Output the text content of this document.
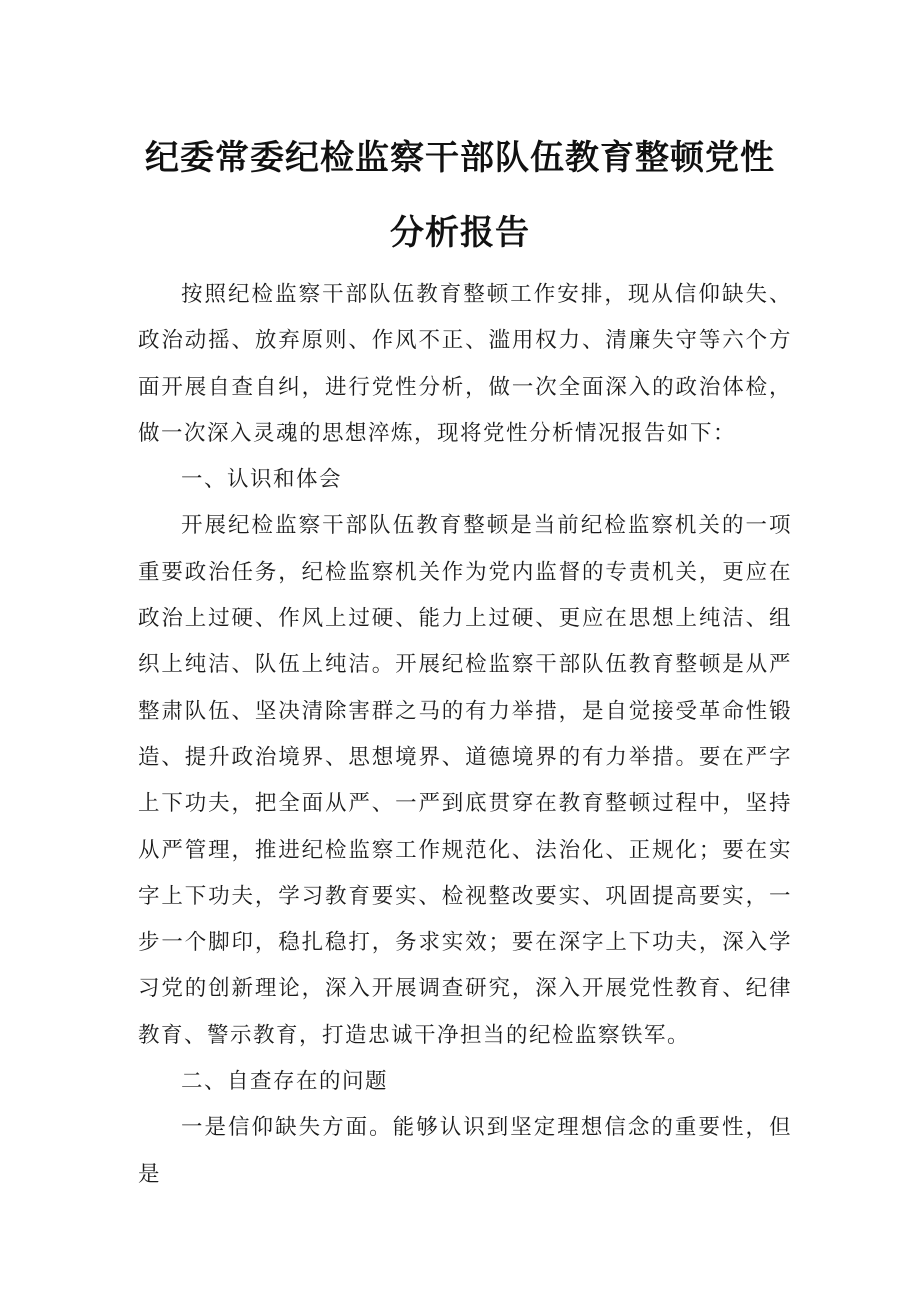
纪委常委纪检监察干部队伍教育整顿党性
分析报告

按照纪检监察干部队伍教育整顿工作安排，现从信仰缺失、政治动摇、放弃原则、作风不正、滥用权力、清廉失守等六个方面开展自查自纠，进行党性分析，做一次全面深入的政治体检，做一次深入灵魂的思想淬炼，现将党性分析情况报告如下：

一、认识和体会

开展纪检监察干部队伍教育整顿是当前纪检监察机关的一项重要政治任务，纪检监察机关作为党内监督的专责机关，更应在政治上过硬、作风上过硬、能力上过硬、更应在思想上纯洁、组织上纯洁、队伍上纯洁。开展纪检监察干部队伍教育整顿是从严整肃队伍、坚决清除害群之马的有力举措，是自觉接受革命性锻造、提升政治境界、思想境界、道德境界的有力举措。要在严字上下功夫，把全面从严、一严到底贯穿在教育整顿过程中，坚持从严管理，推进纪检监察工作规范化、法治化、正规化；要在实字上下功夫，学习教育要实、检视整改要实、巩固提高要实，一步一个脚印，稳扎稳打，务求实效；要在深字上下功夫，深入学习党的创新理论，深入开展调查研究，深入开展党性教育、纪律教育、警示教育，打造忠诚干净担当的纪检监察铁军。

二、自查存在的问题

一是信仰缺失方面。能够认识到坚定理想信念的重要性，但是
